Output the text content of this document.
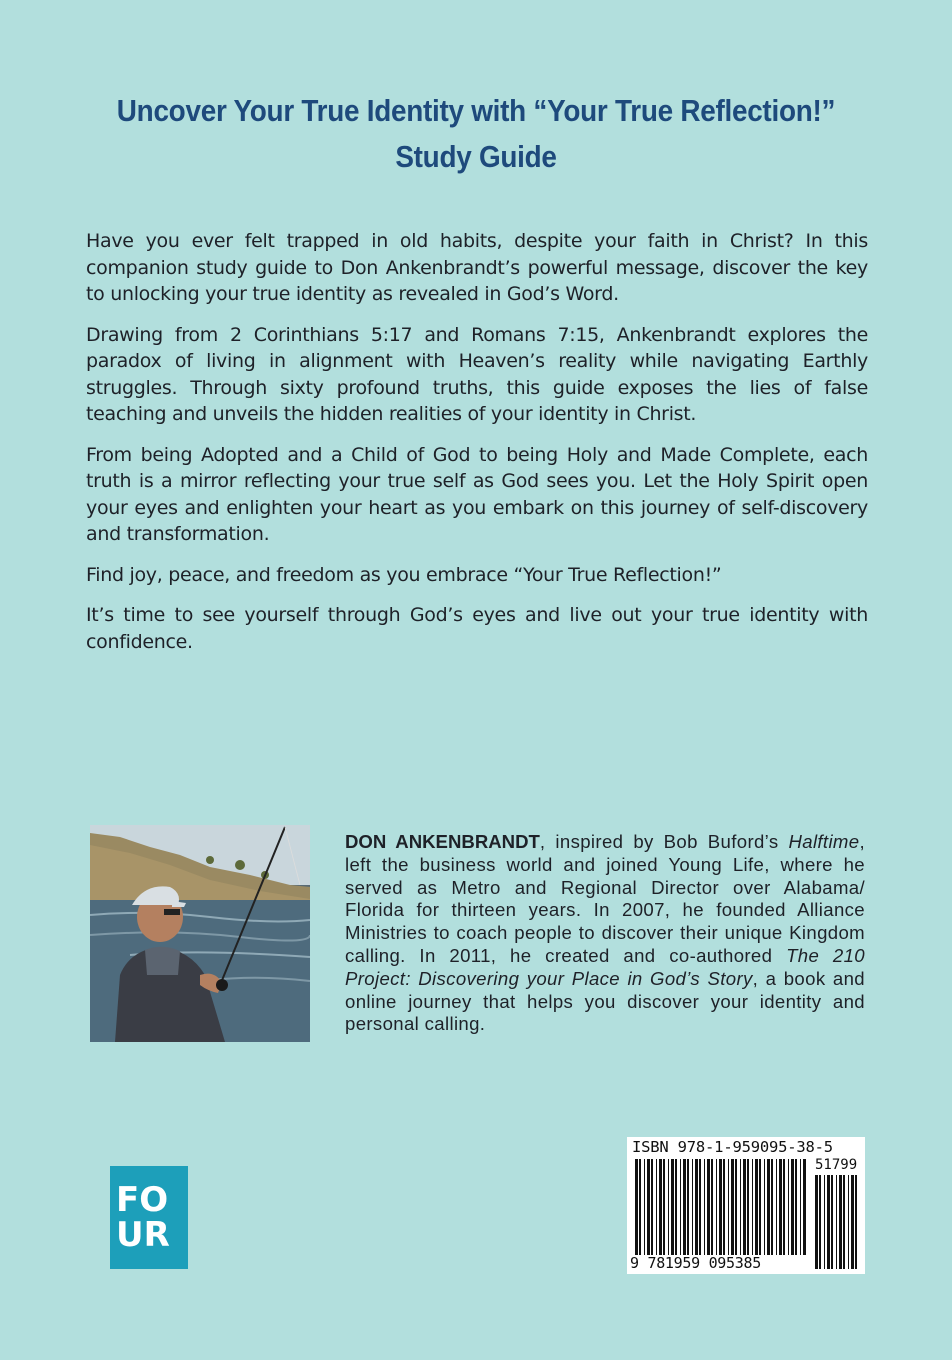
Uncover Your True Identity with “Your True Reflection!”
Study Guide

Have you ever felt trapped in old habits, despite your faith in Christ? In this companion study guide to Don Ankenbrandt’s powerful message, discover the key to unlocking your true identity as revealed in God’s Word.

Drawing from 2 Corinthians 5:17 and Romans 7:15, Ankenbrandt explores the paradox of living in alignment with Heaven’s reality while navigating Earthly struggles. Through sixty profound truths, this guide exposes the lies of false teaching and unveils the hidden realities of your identity in Christ.

From being Adopted and a Child of God to being Holy and Made Complete, each truth is a mirror reflecting your true self as God sees you. Let the Holy Spirit open your eyes and enlighten your heart as you embark on this journey of self-discovery and transformation.

Find joy, peace, and freedom as you embrace “Your True Reflection!”

It’s time to see yourself through God’s eyes and live out your true identity with confidence.

DON ANKENBRANDT, inspired by Bob Buford’s Halftime, left the business world and joined Young Life, where he served as Metro and Regional Director over Alabama/ Florida for thirteen years. In 2007, he founded Alliance Ministries to coach people to discover their unique Kingdom calling. In 2011, he created and co-authored The 210 Project: Discovering your Place in God’s Story, a book and online journey that helps you discover your identity and personal calling.
FO
UR
ISBN 978-1-959095-38-5
51799
9 781959 095385
